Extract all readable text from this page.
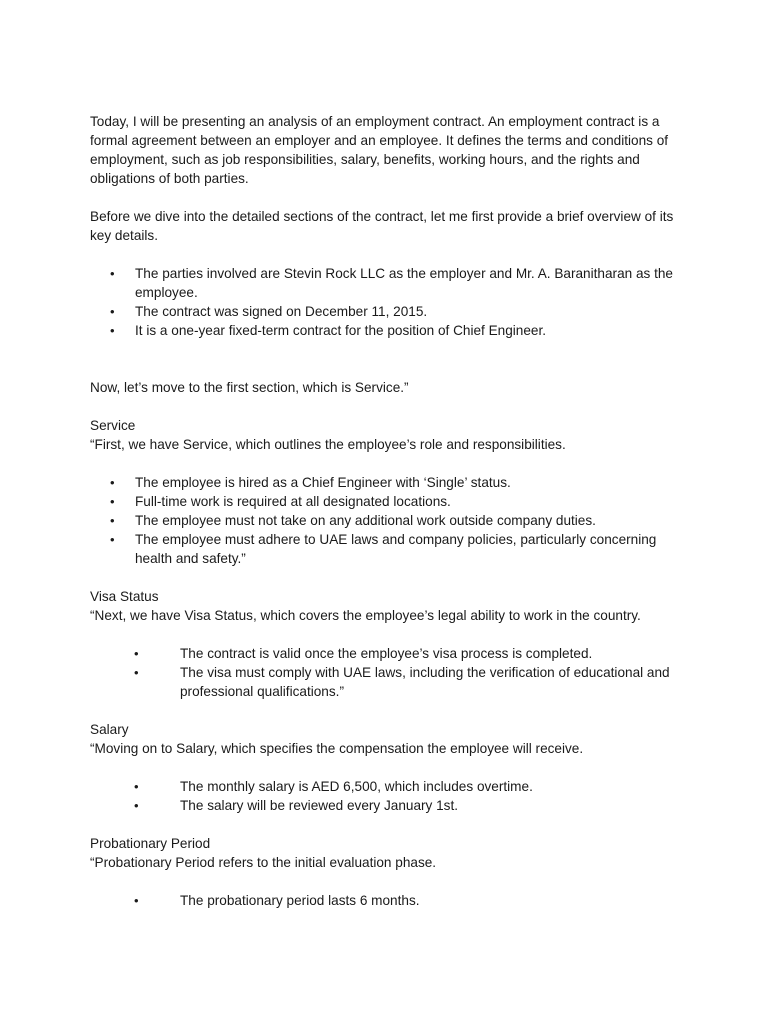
Today, I will be presenting an analysis of an employment contract. An employment contract is a formal agreement between an employer and an employee. It defines the terms and conditions of employment, such as job responsibilities, salary, benefits, working hours, and the rights and obligations of both parties.

Before we dive into the detailed sections of the contract, let me first provide a brief overview of its key details.

• The parties involved are Stevin Rock LLC as the employer and Mr. A. Baranitharan as the employee.
• The contract was signed on December 11, 2015.
• It is a one-year fixed-term contract for the position of Chief Engineer.

Now, let’s move to the first section, which is Service.”

Service

“First, we have Service, which outlines the employee’s role and responsibilities.

• The employee is hired as a Chief Engineer with ‘Single’ status.
• Full-time work is required at all designated locations.
• The employee must not take on any additional work outside company duties.
• The employee must adhere to UAE laws and company policies, particularly concerning health and safety.”

Visa Status

“Next, we have Visa Status, which covers the employee’s legal ability to work in the country.

•	The contract is valid once the employee’s visa process is completed.
•	The visa must comply with UAE laws, including the verification of educational and professional qualifications.”

Salary

“Moving on to Salary, which specifies the compensation the employee will receive.

•	The monthly salary is AED 6,500, which includes overtime.
•	The salary will be reviewed every January 1st.

Probationary Period

“Probationary Period refers to the initial evaluation phase.

•	The probationary period lasts 6 months.
